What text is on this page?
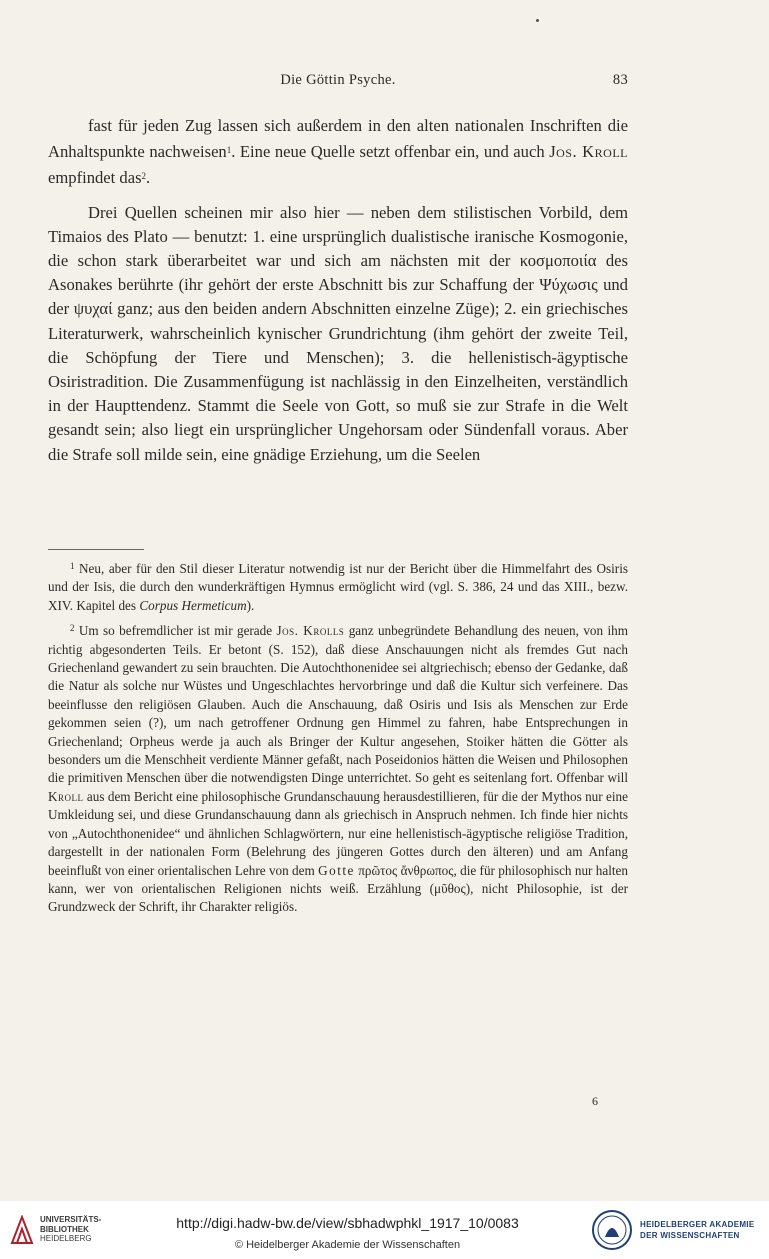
Die Göttin Psyche.	83

fast für jeden Zug lassen sich außerdem in den alten nationalen Inschriften die Anhaltspunkte nachweisen$^1$. Eine neue Quelle setzt offenbar ein, und auch Jos. Kroll empfindet das$^2$.

Drei Quellen scheinen mir also hier — neben dem stilistischen Vorbild, dem Timaios des Plato — benutzt: 1. eine ursprünglich dualistische iranische Kosmogonie, die schon stark überarbeitet war und sich am nächsten mit der κοσμοποιία des Asonakes berührte (ihr gehört der erste Abschnitt bis zur Schaffung der Ψύχωσις und der ψυχαί ganz; aus den beiden andern Abschnitten einzelne Züge); 2. ein griechisches Literaturwerk, wahrscheinlich kynischer Grundrichtung (ihm gehört der zweite Teil, die Schöpfung der Tiere und Menschen); 3. die hellenistisch-ägyptische Osiristradition. Die Zusammenfügung ist nachlässig in den Einzelheiten, verständlich in der Haupttendenz. Stammt die Seele von Gott, so muß sie zur Strafe in die Welt gesandt sein; also liegt ein ursprünglicher Ungehorsam oder Sündenfall voraus. Aber die Strafe soll milde sein, eine gnädige Erziehung, um die Seelen

$^1$ Neu, aber für den Stil dieser Literatur notwendig ist nur der Bericht über die Himmelfahrt des Osiris und der Isis, die durch den wunderkräftigen Hymnus ermöglicht wird (vgl. S. 386, 24 und das XIII., bezw. XIV. Kapitel des Corpus Hermeticum).

$^2$ Um so befremdlicher ist mir gerade Jos. Krolls ganz unbegründete Behandlung des neuen, von ihm richtig abgesonderten Teils. Er betont (S. 152), daß diese Anschauungen nicht als fremdes Gut nach Griechenland gewandert zu sein brauchten. Die Autochthonenidee sei altgriechisch; ebenso der Gedanke, daß die Natur als solche nur Wüstes und Ungeschlachtes hervorbringe und daß die Kultur sich verfeinere. Das beeinflusse den religiösen Glauben. Auch die Anschauung, daß Osiris und Isis als Menschen zur Erde gekommen seien (?), um nach getroffener Ordnung gen Himmel zu fahren, habe Entsprechungen in Griechenland; Orpheus werde ja auch als Bringer der Kultur angesehen, Stoiker hätten die Götter als besonders um die Menschheit verdiente Männer gefaßt, nach Poseidonios hätten die Weisen und Philosophen die primitiven Menschen über die notwendigsten Dinge unterrichtet. So geht es seitenlang fort. Offenbar will Kroll aus dem Bericht eine philosophische Grundanschauung herausdestillieren, für die der Mythos nur eine Umkleidung sei, und diese Grundanschauung dann als griechisch in Anspruch nehmen. Ich finde hier nichts von „Autochthonenidee“ und ähnlichen Schlagwörtern, nur eine hellenistisch-ägyptische religiöse Tradition, dargestellt in der nationalen Form (Belehrung des jüngeren Gottes durch den älteren) und am Anfang beeinflußt von einer orientalischen Lehre von dem Gotte πρῶτος ἄνθρωπος, die für philosophisch nur halten kann, wer von orientalischen Religionen nichts weiß. Erzählung (μῦθος), nicht Philosophie, ist der Grundzweck der Schrift, ihr Charakter religiös.

6
UNIVERSITÄTS-
BIBLIOTHEK
HEIDELBERG
http://digi.hadw-bw.de/view/sbhadwphkl_1917_10/0083
© Heidelberger Akademie der Wissenschaften
HEIDELBERGER AKADEMIE
DER WISSENSCHAFTEN
